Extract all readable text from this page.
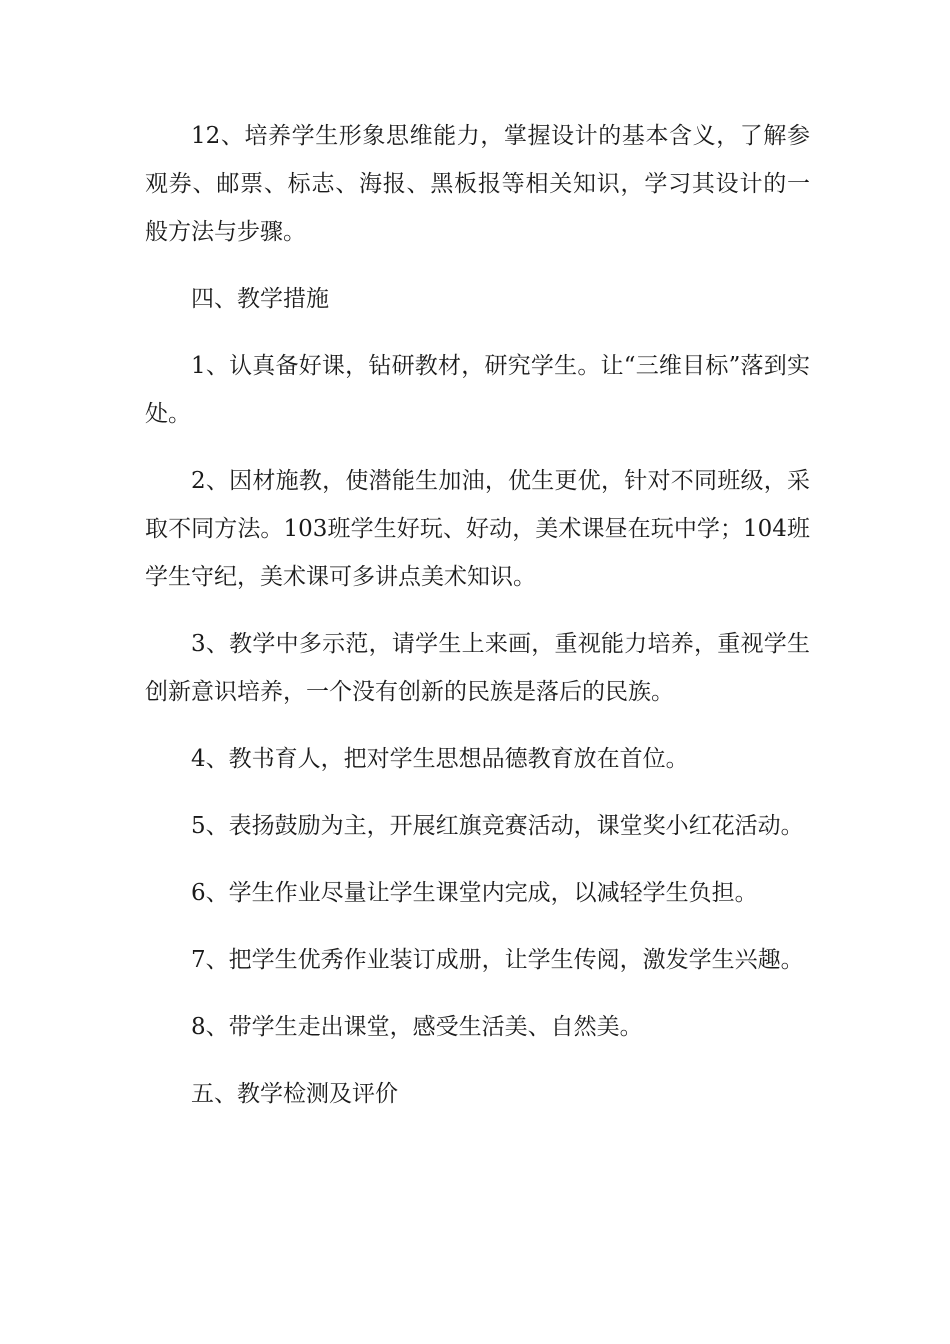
12、培养学生形象思维能力，掌握设计的基本含义，了解参观券、邮票、标志、海报、黑板报等相关知识，学习其设计的一般方法与步骤。

四、教学措施

1、认真备好课，钻研教材，研究学生。让“三维目标”落到实处。

2、因材施教，使潜能生加油，优生更优，针对不同班级，采取不同方法。103班学生好玩、好动，美术课昼在玩中学；104班学生守纪，美术课可多讲点美术知识。

3、教学中多示范，请学生上来画，重视能力培养，重视学生创新意识培养，一个没有创新的民族是落后的民族。

4、教书育人，把对学生思想品德教育放在首位。

5、表扬鼓励为主，开展红旗竞赛活动，课堂奖小红花活动。

6、学生作业尽量让学生课堂内完成，以减轻学生负担。

7、把学生优秀作业装订成册，让学生传阅，激发学生兴趣。

8、带学生走出课堂，感受生活美、自然美。

五、教学检测及评价
